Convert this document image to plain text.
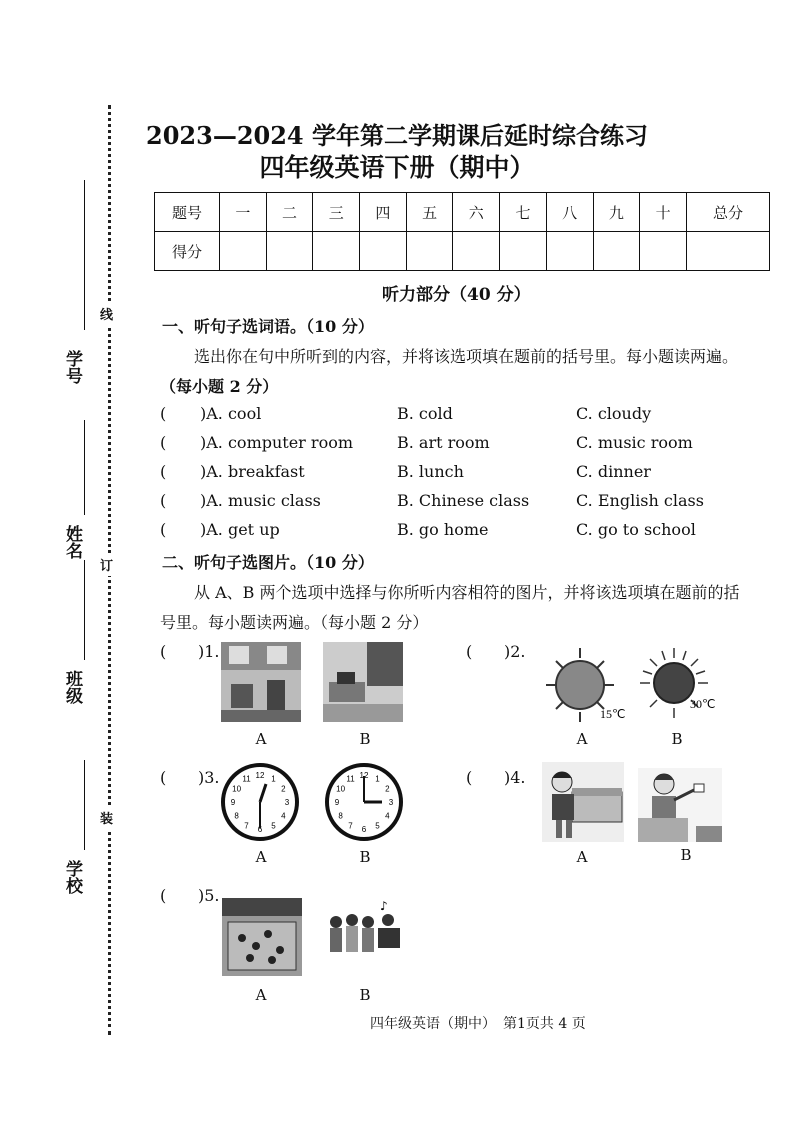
线
订
装
学号
姓名
班级
学校
2023—2024 学年第二学期课后延时综合练习
四年级英语下册（期中）
题号	一	二	三	四	五	六	七	八	九	十	总分
得分											
听力部分（40 分）
一、听句子选词语。（10 分）
选出你在句中所听到的内容，并将该选项填在题前的括号里。每小题读两遍。
（每小题 2 分）
( )A. cool	B. cold	C. cloudy
( )A. computer room	B. art room	C. music room
( )A. breakfast	B. lunch	C. dinner
( )A. music class	B. Chinese class	C. English class
( )A. get up	B. go home	C. go to school
二、听句子选图片。（10 分）
从 A、B 两个选项中选择与你所听内容相符的图片，并将该选项填在题前的括
号里。每小题读两遍。（每小题 2 分）
( )1.
A	B
( )2.
15℃
30℃
A	B
( )3.	12 1
2
3
4
5
6
7
8
9
10
11	12 1
2
3
4
5
6
7
8
9
10
11
A	B
( )4.
A	B
( )5.
♪
A	B
四年级英语（期中）　第1页共 4 页
